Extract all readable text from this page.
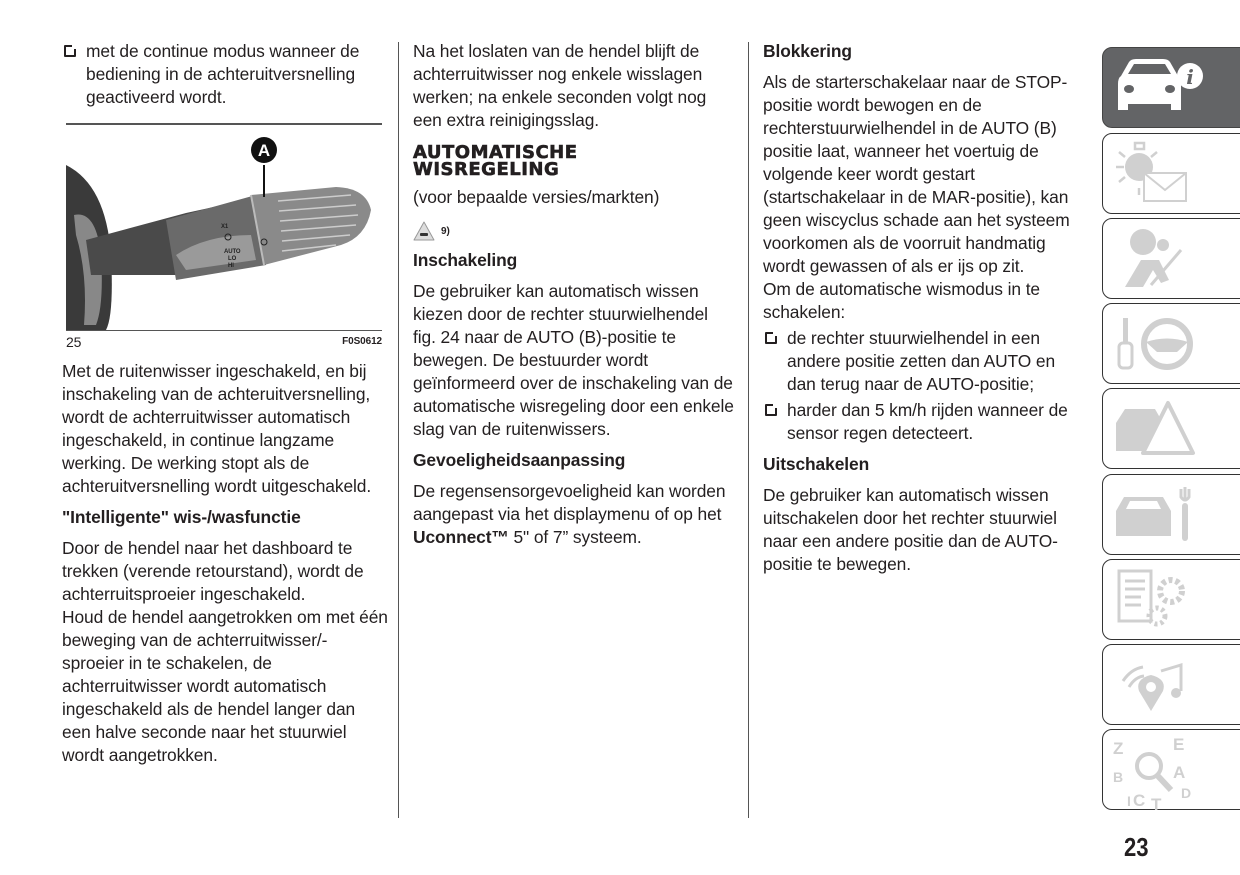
met de continue modus wanneer de bediening in de achteruitversnelling geactiveerd wordt.
A
X1
AUTO
LO
HI
25	F0S0612

Met de ruitenwisser ingeschakeld, en bij inschakeling van de achteruitversnelling, wordt de achterruitwisser automatisch ingeschakeld, in continue langzame werking. De werking stopt als de achteruitversnelling wordt uitgeschakeld.

"Intelligente" wis-/wasfunctie

Door de hendel naar het dashboard te trekken (verende retourstand), wordt de achterruitsproeier ingeschakeld.

Houd de hendel aangetrokken om met één beweging van de achterruitwisser/-sproeier in te schakelen, de achterruitwisser wordt automatisch ingeschakeld als de hendel langer dan een halve seconde naar het stuurwiel wordt aangetrokken.

Na het loslaten van de hendel blijft de achterruitwisser nog enkele wisslagen werken; na enkele seconden volgt nog een extra reinigingsslag.

AUTOMATISCHE
WISREGELING

(voor bepaalde versies/markten)

9)
Inschakeling

De gebruiker kan automatisch wissen kiezen door de rechter stuurwielhendel fig. 24 naar de AUTO (B)-positie te bewegen. De bestuurder wordt geïnformeerd over de inschakeling van de automatische wisregeling door een enkele slag van de ruitenwissers.

Gevoeligheidsaanpassing

De regensensorgevoeligheid kan worden aangepast via het displaymenu of op het Uconnect™ 5" of 7” systeem.

Blokkering

Als de starterschakelaar naar de STOP-positie wordt bewogen en de rechterstuurwielhendel in de AUTO (B) positie laat, wanneer het voertuig de volgende keer wordt gestart (startschakelaar in de MAR-positie), kan geen wiscyclus schade aan het systeem voorkomen als de voorruit handmatig wordt gewassen of als er ijs op zit.

Om de automatische wismodus in te schakelen:

de rechter stuurwielhendel in een andere positie zetten dan AUTO en dan terug naar de AUTO-positie;
harder dan 5 km/h rijden wanneer de sensor regen detecteert.
Uitschakelen

De gebruiker kan automatisch wissen uitschakelen door het rechter stuurwiel naar een andere positie dan de AUTO-positie te bewegen.

i
Z	E
B	A
C T
D
I
23
